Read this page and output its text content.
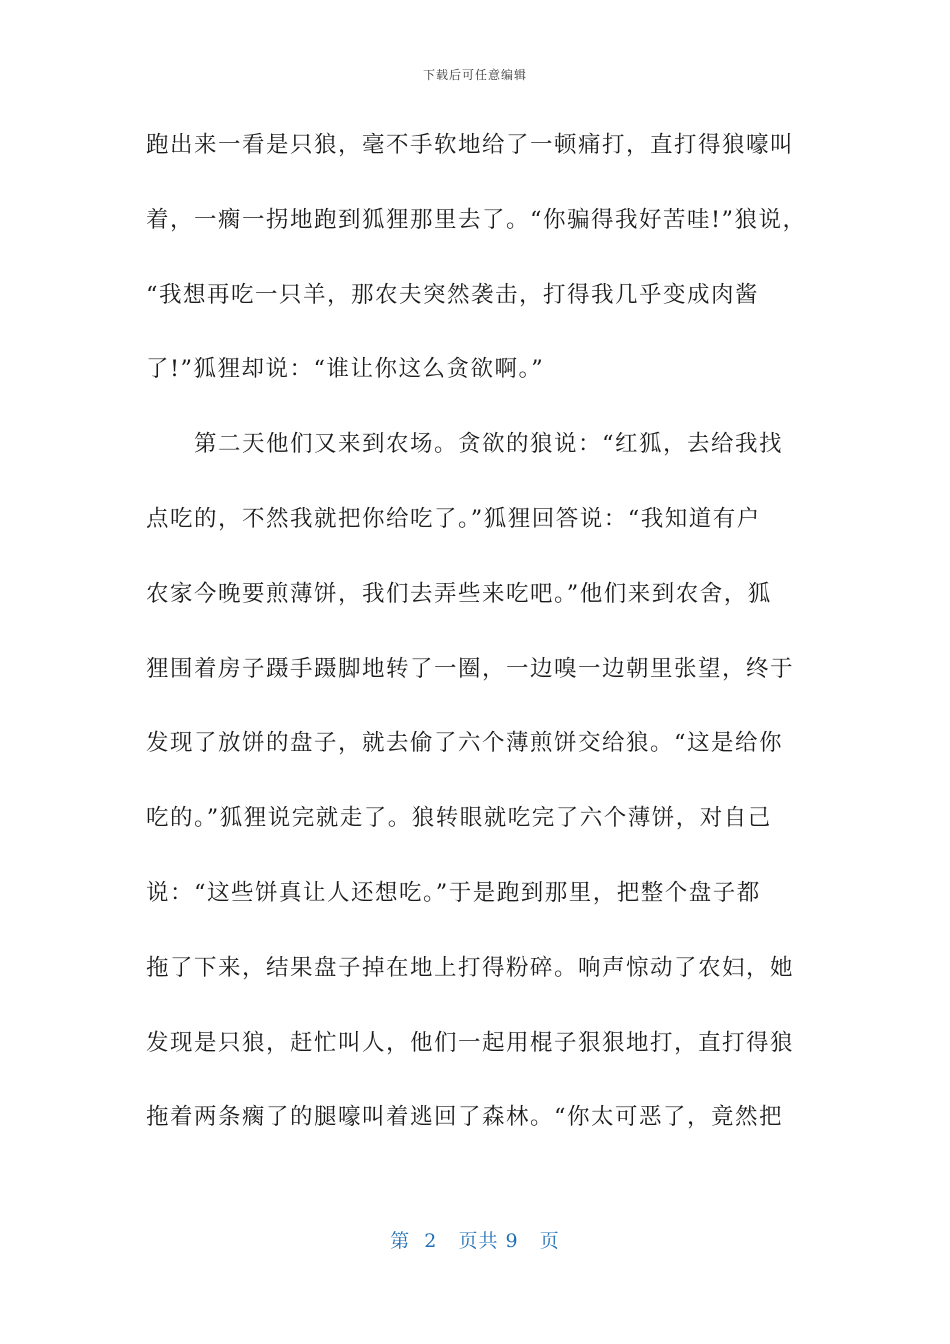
下载后可任意编辑
跑出来一看是只狼，毫不手软地给了一顿痛打，直打得狼嚎叫
着，一瘸一拐地跑到狐狸那里去了。“你骗得我好苦哇!”狼说，
“我想再吃一只羊，那农夫突然袭击，打得我几乎变成肉酱
了!”狐狸却说：“谁让你这么贪欲啊。”
第二天他们又来到农场。贪欲的狼说：“红狐，去给我找
点吃的，不然我就把你给吃了。”狐狸回答说：“我知道有户
农家今晚要煎薄饼，我们去弄些来吃吧。”他们来到农舍，狐
狸围着房子蹑手蹑脚地转了一圈，一边嗅一边朝里张望，终于
发现了放饼的盘子，就去偷了六个薄煎饼交给狼。“这是给你
吃的。”狐狸说完就走了。狼转眼就吃完了六个薄饼，对自己
说：“这些饼真让人还想吃。”于是跑到那里，把整个盘子都
拖了下来，结果盘子掉在地上打得粉碎。响声惊动了农妇，她
发现是只狼，赶忙叫人，他们一起用棍子狠狠地打，直打得狼
拖着两条瘸了的腿嚎叫着逃回了森林。“你太可恶了，竟然把
第  2   页共 9   页
